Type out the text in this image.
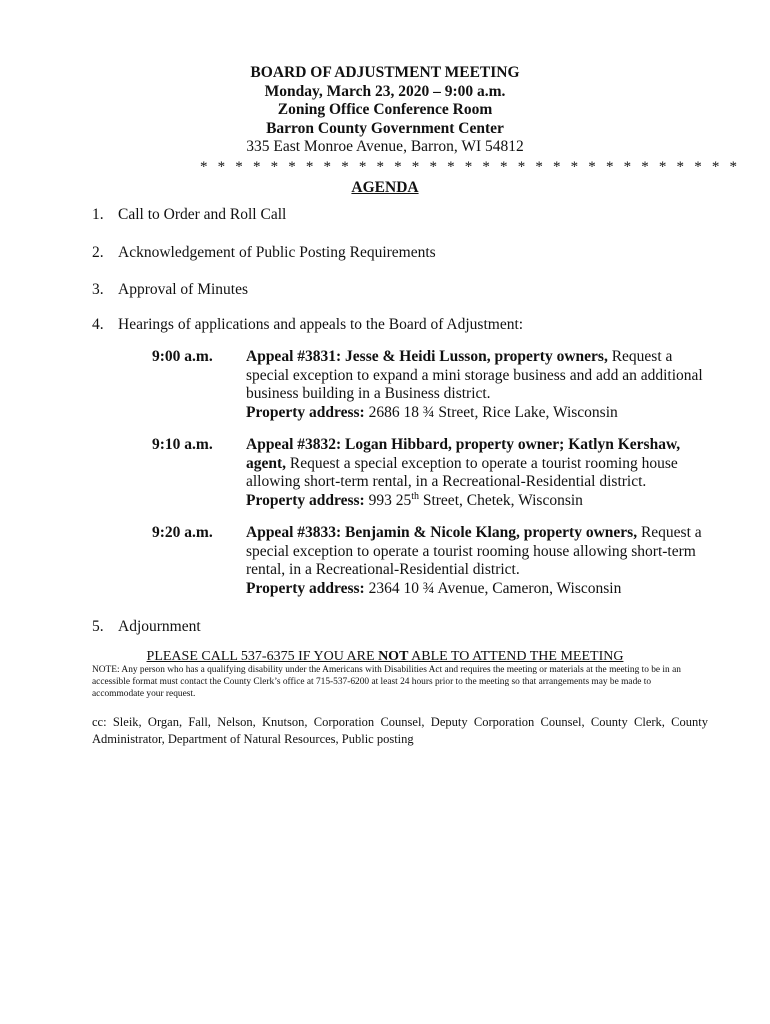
BOARD OF ADJUSTMENT MEETING

Monday, March 23, 2020 – 9:00 a.m.

Zoning Office Conference Room

Barron County Government Center

335 East Monroe Avenue, Barron, WI 54812

* * * * * * * * * * * * * * * * * * * * * * * * * * * * * * *
AGENDA
1. Call to Order and Roll Call
2. Acknowledgement of Public Posting Requirements
3. Approval of Minutes
4. Hearings of applications and appeals to the Board of Adjustment:
9:00 a.m. Appeal #3831: Jesse & Heidi Lusson, property owners, Request a special exception to expand a mini storage business and add an additional business building in a Business district.
Property address: 2686 18 ¾ Street, Rice Lake, Wisconsin
9:10 a.m. Appeal #3832: Logan Hibbard, property owner; Katlyn Kershaw, agent, Request a special exception to operate a tourist rooming house allowing short-term rental, in a Recreational-Residential district.
Property address: 993 25th Street, Chetek, Wisconsin
9:20 a.m. Appeal #3833: Benjamin & Nicole Klang, property owners, Request a special exception to operate a tourist rooming house allowing short-term rental, in a Recreational-Residential district.
Property address: 2364 10 ¾ Avenue, Cameron, Wisconsin
5. Adjournment
PLEASE CALL 537-6375 IF YOU ARE NOT ABLE TO ATTEND THE MEETING
NOTE: Any person who has a qualifying disability under the Americans with Disabilities Act and requires the meeting or materials at the meeting to be in an accessible format must contact the County Clerk’s office at 715-537-6200 at least 24 hours prior to the meeting so that arrangements may be made to accommodate your request.
cc: Sleik, Organ, Fall, Nelson, Knutson, Corporation Counsel, Deputy Corporation Counsel, County Clerk, County Administrator, Department of Natural Resources, Public posting
